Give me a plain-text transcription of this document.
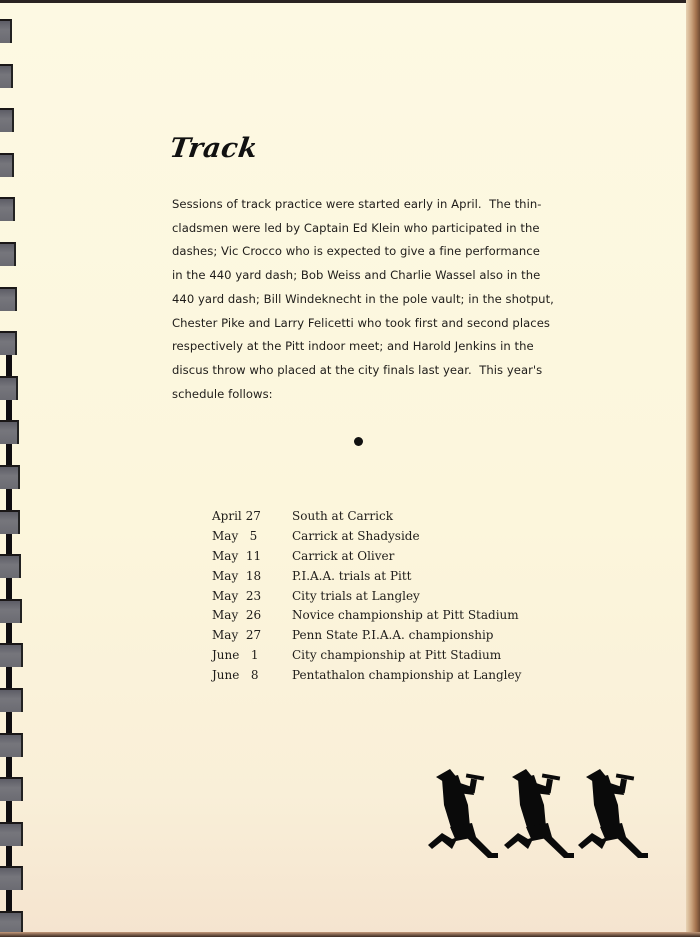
Track
Sessions of track practice were started early in April.  The thin-
cladsmen were led by Captain Ed Klein who participated in the
dashes; Vic Crocco who is expected to give a fine performance
in the 440 yard dash; Bob Weiss and Charlie Wassel also in the
440 yard dash; Bill Windeknecht in the pole vault; in the shotput,
Chester Pike and Larry Felicetti who took first and second places
respectively at the Pitt indoor meet; and Harold Jenkins in the
discus throw who placed at the city finals last year.  This year's
schedule follows:
April 27	South at Carrick
May   5	Carrick at Shadyside
May  11	Carrick at Oliver
May  18	P.I.A.A. trials at Pitt
May  23	City trials at Langley
May  26	Novice championship at Pitt Stadium
May  27	Penn State P.I.A.A. championship
June   1	City championship at Pitt Stadium
June   8	Pentathalon championship at Langley
